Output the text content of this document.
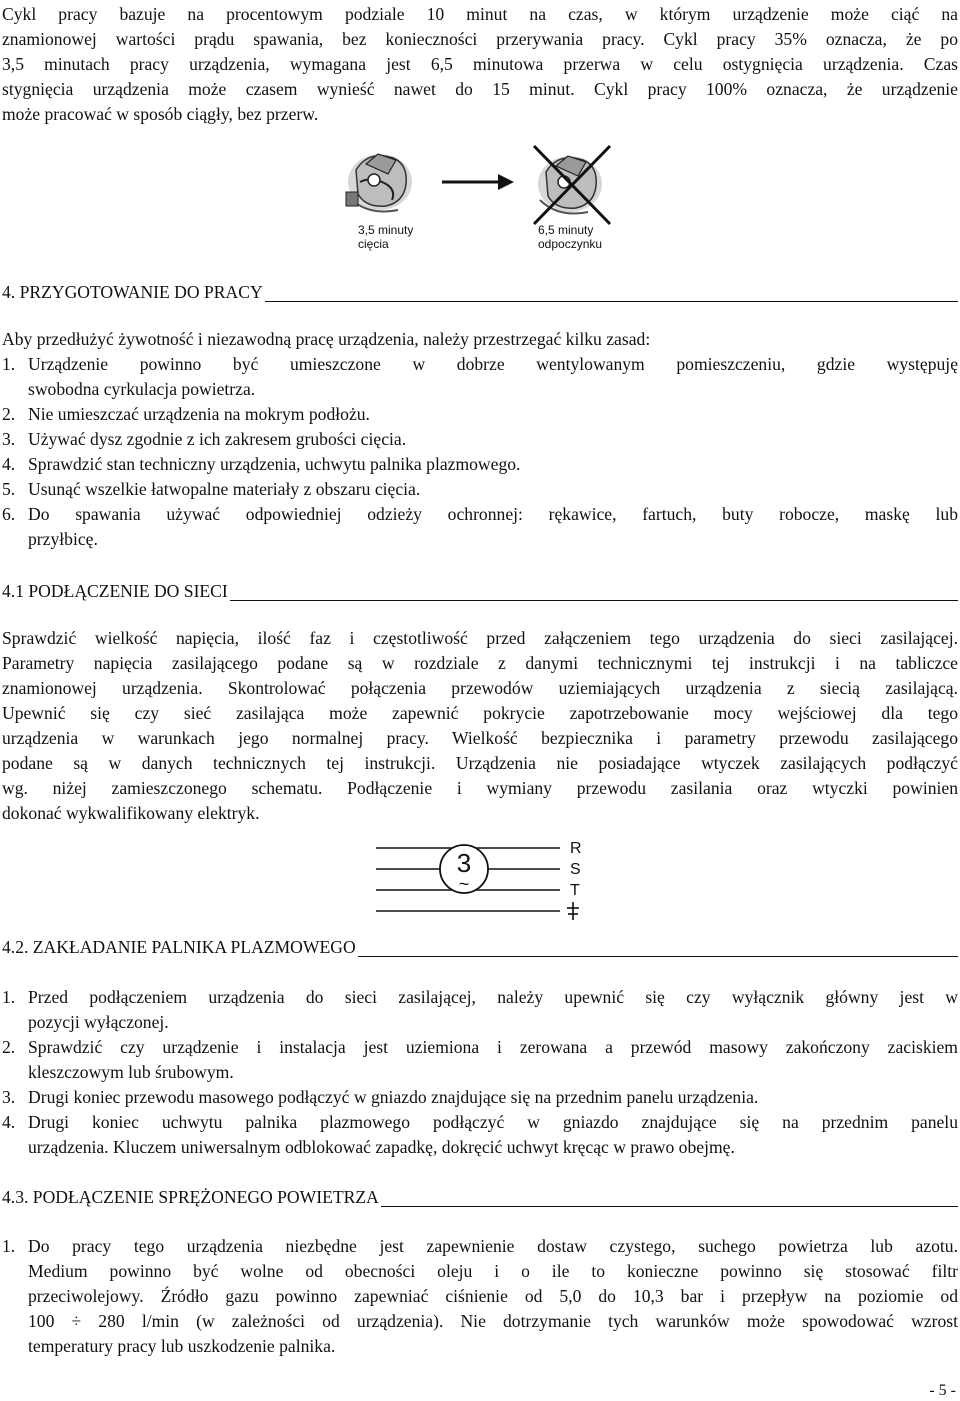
Cykl pracy bazuje na procentowym podziale 10 minut na czas, w którym urządzenie może ciąć na
znamionowej wartości prądu spawania, bez konieczności przerywania pracy. Cykl pracy 35% oznacza, że po
3,5 minutach pracy urządzenia, wymagana jest 6,5 minutowa przerwa w celu ostygnięcia urządzenia. Czas
stygnięcia urządzenia może czasem wynieść nawet do 15 minut. Cykl pracy 100% oznacza, że urządzenie
może pracować w sposób ciągły, bez przerw.
3,5 minuty
cięcia
6,5 minuty
odpoczynku
4. PRZYGOTOWANIE DO PRACY
Aby przedłużyć żywotność i niezawodną pracę urządzenia, należy przestrzegać kilku zasad:
1. Urządzenie powinno być umieszczone w dobrze wentylowanym pomieszczeniu, gdzie występuję
swobodna cyrkulacja powietrza.
2. Nie umieszczać urządzenia na mokrym podłożu.
3. Używać dysz zgodnie z ich zakresem grubości cięcia.
4. Sprawdzić stan techniczny urządzenia, uchwytu palnika plazmowego.
5. Usunąć wszelkie łatwopalne materiały z obszaru cięcia.
6. Do spawania używać odpowiedniej odzieży ochronnej: rękawice, fartuch, buty robocze, maskę lub
przyłbicę.
4.1 PODŁĄCZENIE DO SIECI
Sprawdzić wielkość napięcia, ilość faz i częstotliwość przed załączeniem tego urządzenia do sieci zasilającej.
Parametry napięcia zasilającego podane są w rozdziale z danymi technicznymi tej instrukcji i na tabliczce
znamionowej urządzenia. Skontrolować połączenia przewodów uziemiających urządzenia z siecią zasilającą.
Upewnić się czy sieć zasilająca może zapewnić pokrycie zapotrzebowanie mocy wejściowej dla tego
urządzenia w warunkach jego normalnej pracy. Wielkość bezpiecznika i parametry przewodu zasilającego
podane są w danych technicznych tej instrukcji. Urządzenia nie posiadające wtyczek zasilających podłączyć
wg. niżej zamieszczonego schematu. Podłączenie i wymiany przewodu zasilania oraz wtyczki powinien
dokonać wykwalifikowany elektryk.
3
~
R
S
T
4.2. ZAKŁADANIE PALNIKA PLAZMOWEGO
1. Przed podłączeniem urządzenia do sieci zasilającej, należy upewnić się czy wyłącznik główny jest w
pozycji wyłączonej.
2. Sprawdzić czy urządzenie i instalacja jest uziemiona i zerowana a przewód masowy zakończony zaciskiem
kleszczowym lub śrubowym.
3. Drugi koniec przewodu masowego podłączyć w gniazdo znajdujące się na przednim panelu urządzenia.
4. Drugi koniec uchwytu palnika plazmowego podłączyć w gniazdo znajdujące się na przednim panelu
urządzenia. Kluczem uniwersalnym odblokować zapadkę, dokręcić uchwyt kręcąc w prawo obejmę.
4.3. PODŁĄCZENIE SPRĘŻONEGO POWIETRZA
1. Do pracy tego urządzenia niezbędne jest zapewnienie dostaw czystego, suchego powietrza lub azotu.
Medium powinno być wolne od obecności oleju i o ile to konieczne powinno się stosować filtr
przeciwolejowy. Źródło gazu powinno zapewniać ciśnienie od 5,0 do 10,3 bar i przepływ na poziomie od
100 ÷ 280 l/min (w zależności od urządzenia). Nie dotrzymanie tych warunków może spowodować wzrost
temperatury pracy lub uszkodzenie palnika.
- 5 -
